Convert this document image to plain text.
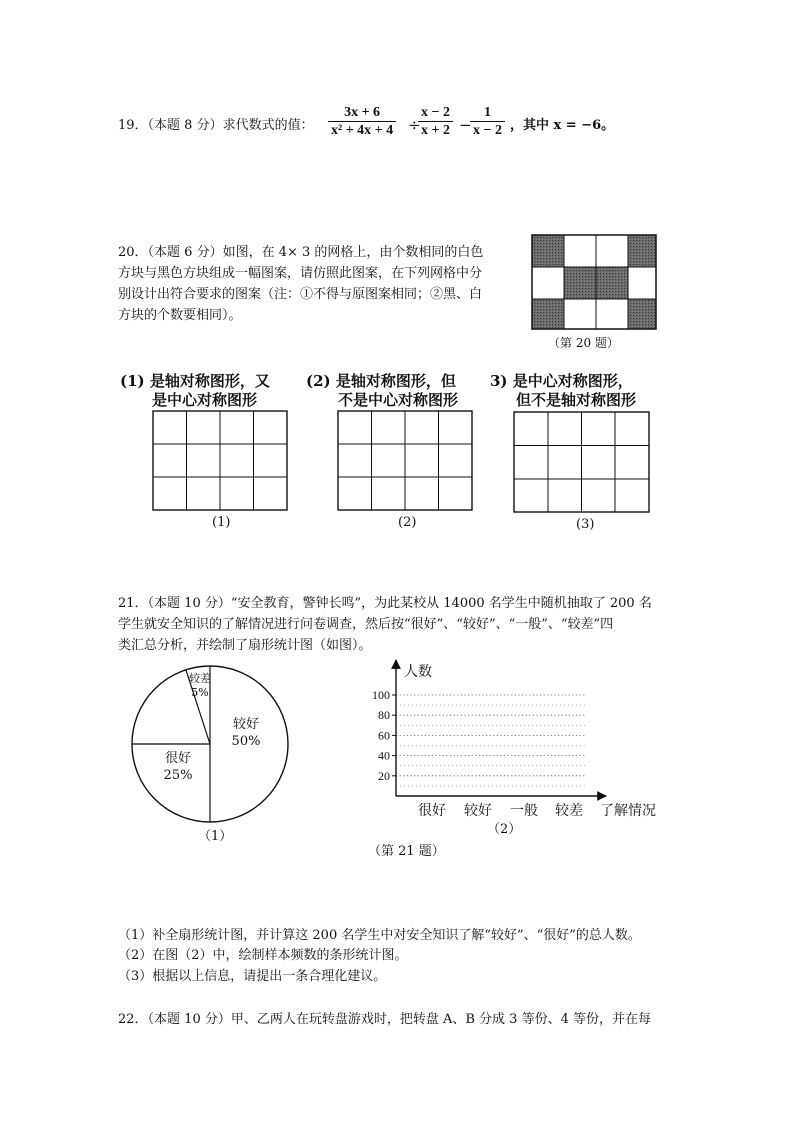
19．（本题 8 分）求代数式的值： $\frac{3x + 6}{\text{x² + 4x + 4}}$ ÷
$\frac{x - 2}{x + 2}$ −
$\frac{1}{x - 2}$ ，其中 x = −6。
20．（本题 6 分）如图，在 4× 3 的网格上，由个数相同的白色
方块与黑色方块组成一幅图案，请仿照此图案，在下列网格中分
别设计出符合要求的图案（注：①不得与原图案相同；②黑、白
方块的个数要相同）。
（第 20 题）
(1) 是轴对称图形，又
是中心对称图形
(2) 是轴对称图形，但
不是中心对称图形
3) 是中心对称图形，
但不是轴对称图形
(1)	(2)	(3)
21．（本题 10 分）“安全教育，警钟长鸣”，为此某校从 14000 名学生中随机抽取了 200 名
学生就安全知识的了解情况进行问卷调查，然后按“很好”、“较好”、“一般”、“较差”四
类汇总分析，并绘制了扇形统计图（如图）。
（1）	（2）
（第 21 题）
（1）补全扇形统计图，并计算这 200 名学生中对安全知识了解“较好”、“很好”的总人数。
（2）在图（2）中，绘制样本频数的条形统计图。
（3）根据以上信息，请提出一条合理化建议。
22．（本题 10 分）甲、乙两人在玩转盘游戏时，把转盘 A、B 分成 3 等份、4 等份，并在每
较好
50%
较差
5%
很好
25%	20
40
60
80
100
人数
很好 较好 一般 较差 了解情况
